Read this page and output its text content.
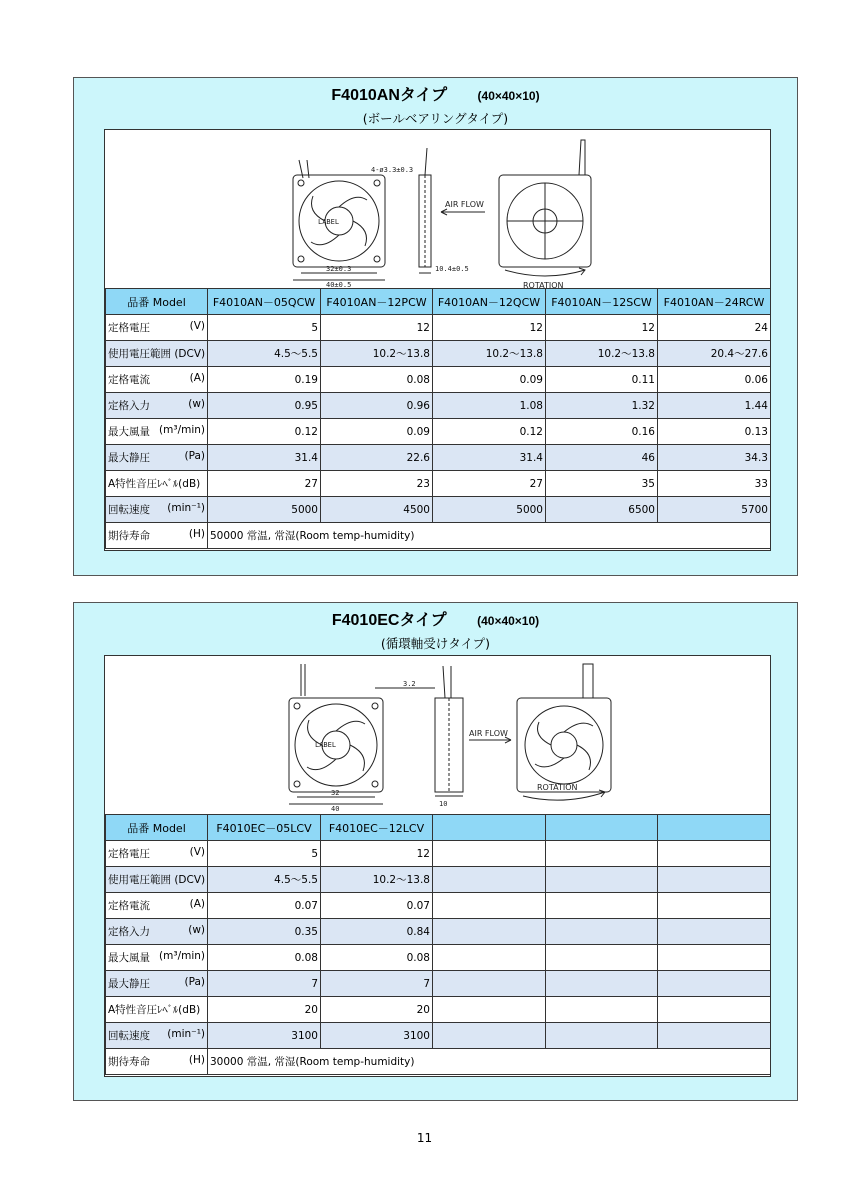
F4010ANタイプ	(40×40×10)
(ボールベアリングタイプ)
4-ø3.3±0.3
LABEL
32±0.3
40±0.5
10.4±0.5
AIR FLOW
ROTATION
品番 Model	F4010AN－05QCW	F4010AN－12PCW	F4010AN－12QCW	F4010AN－12SCW	F4010AN－24RCW
定格電圧 (V)	5	12	12	12	24
使用電圧範囲 (DCV)	4.5～5.5	10.2～13.8	10.2～13.8	10.2～13.8	20.4～27.6
定格電流 (A)	0.19	0.08	0.09	0.11	0.06
定格入力 (w)	0.95	0.96	1.08	1.32	1.44
最大風量 (m³/min)	0.12	0.09	0.12	0.16	0.13
最大静圧 (Pa)	31.4	22.6	31.4	46	34.3
A特性音圧ﾚﾍﾞﾙ(dB)	27	23	27	35	33
回転速度 (min⁻¹)	5000	4500	5000	6500	5700
期待寿命 (H)	50000 常温, 常湿(Room temp-humidity)				
F4010ECタイプ	(40×40×10)
(循環軸受けタイプ)
3.2
LABEL
32
40
10
AIR FLOW
ROTATION
品番 Model	F4010EC－05LCV	F4010EC－12LCV			
定格電圧 (V)	5	12			
使用電圧範囲 (DCV)	4.5～5.5	10.2～13.8			
定格電流 (A)	0.07	0.07			
定格入力 (w)	0.35	0.84			
最大風量 (m³/min)	0.08	0.08			
最大静圧 (Pa)	7	7			
A特性音圧ﾚﾍﾞﾙ(dB)	20	20			
回転速度 (min⁻¹)	3100	3100			
期待寿命 (H)	30000 常温, 常湿(Room temp-humidity)				
11
